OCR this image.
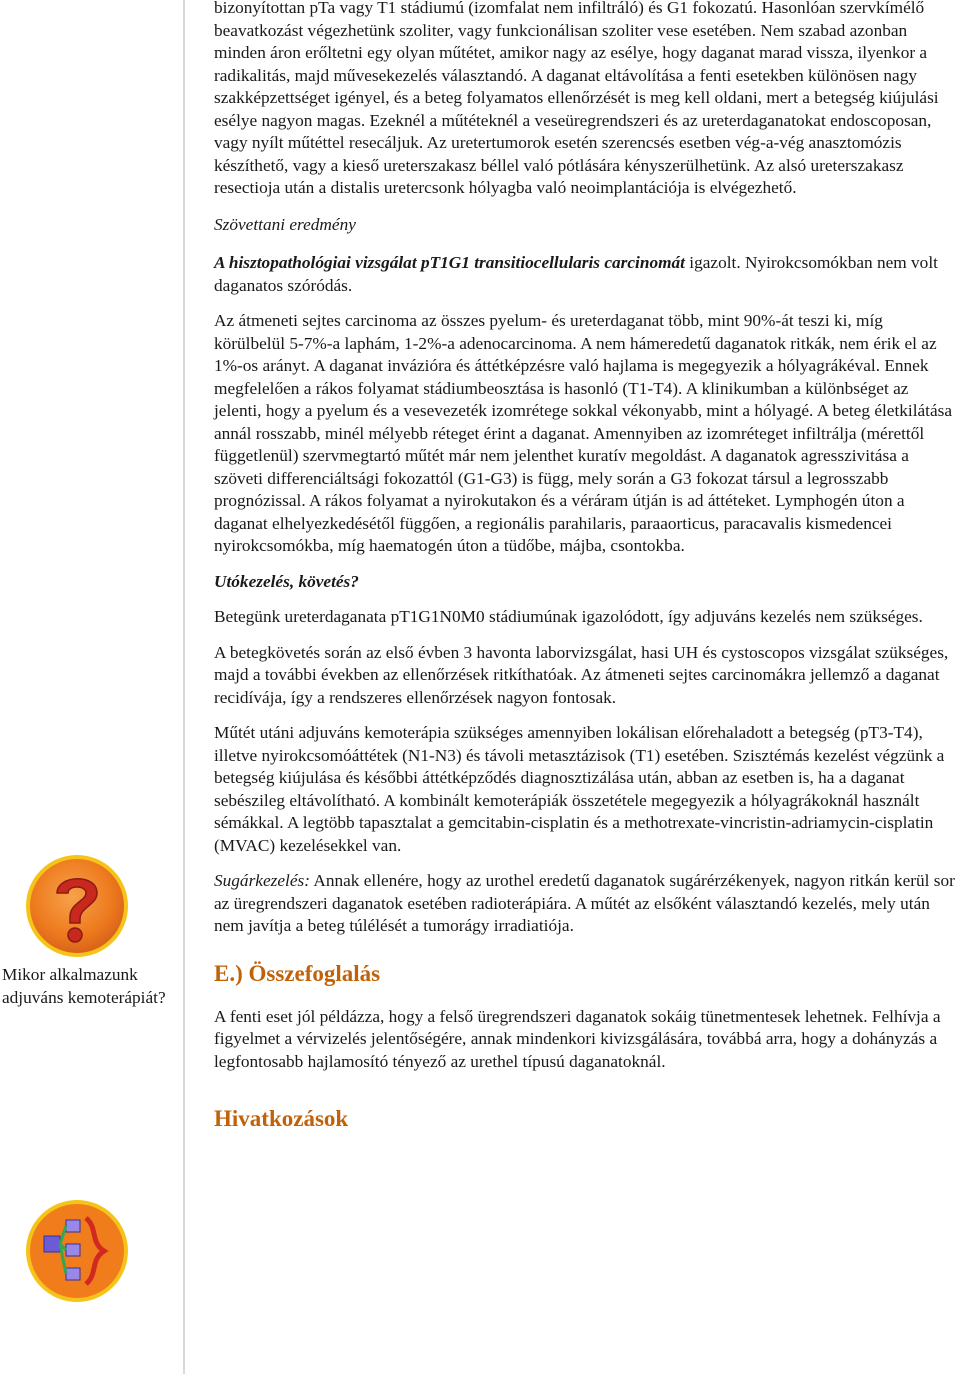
Mikor alkalmazunk adjuváns kemoterápiát?

bizonyítottan pTa vagy T1 stádiumú (izomfalat nem infiltráló) és G1 fokozatú. Hasonlóan szervkímélő beavatkozást végezhetünk szoliter, vagy funkcionálisan szoliter vese esetében. Nem szabad azonban minden áron erőltetni egy olyan műtétet, amikor nagy az esélye, hogy daganat marad vissza, ilyenkor a radikalitás, majd művesekezelés választandó. A daganat eltávolítása a fenti esetekben különösen nagy szakképzettséget igényel, és a beteg folyamatos ellenőrzését is meg kell oldani, mert a betegség kiújulási esélye nagyon magas. Ezeknél a műtéteknél a veseüregrendszeri és az ureterdaganatokat endoscoposan, vagy nyílt műtéttel resecáljuk. Az uretertumorok esetén szerencsés esetben vég-a-vég anasztomózis készíthető, vagy a kieső ureterszakasz béllel való pótlására kényszerülhetünk. Az alsó ureterszakasz resectioja után a distalis uretercsonk hólyagba való neoimplantációja is elvégezhető.

Szövettani eredmény

A hisztopathológiai vizsgálat pT1G1 transitiocellularis carcinomát igazolt. Nyirokcsomókban nem volt daganatos szóródás.

Az átmeneti sejtes carcinoma az összes pyelum- és ureterdaganat több, mint 90%-át teszi ki, míg körülbelül 5-7%-a laphám, 1-2%-a adenocarcinoma. A nem hámeredetű daganatok ritkák, nem érik el az 1%-os arányt. A daganat invázióra és áttétképzésre való hajlama is megegyezik a hólyagrákéval. Ennek megfelelően a rákos folyamat stádiumbeosztása is hasonló (T1-T4). A klinikumban a különbséget az jelenti, hogy a pyelum és a vesevezeték izomrétege sokkal vékonyabb, mint a hólyagé. A beteg életkilátása annál rosszabb, minél mélyebb réteget érint a daganat. Amennyiben az izomréteget infiltrálja (mérettől függetlenül) szervmegtartó műtét már nem jelenthet kuratív megoldást. A daganatok agresszivitása a szöveti differenciáltsági fokozattól (G1-G3) is függ, mely során a G3 fokozat társul a legrosszabb prognózissal. A rákos folyamat a nyirokutakon és a véráram útján is ad áttéteket. Lymphogén úton a daganat elhelyezkedésétől függően, a regionális parahilaris, paraaorticus, paracavalis kismedencei nyirokcsomókba, míg haematogén úton a tüdőbe, májba, csontokba.

Utókezelés, követés?

Betegünk ureterdaganata pT1G1N0M0 stádiumúnak igazolódott, így adjuváns kezelés nem szükséges.

A betegkövetés során az első évben 3 havonta laborvizsgálat, hasi UH és cystoscopos vizsgálat szükséges, majd a további években az ellenőrzések ritkíthatóak. Az átmeneti sejtes carcinomákra jellemző a daganat recidívája, így a rendszeres ellenőrzések nagyon fontosak.

Műtét utáni adjuváns kemoterápia szükséges amennyiben lokálisan előrehaladott a betegség (pT3-T4), illetve nyirokcsomóáttétek (N1-N3) és távoli metasztázisok (T1) esetében. Szisztémás kezelést végzünk a betegség kiújulása és későbbi áttétképződés diagnosztizálása után, abban az esetben is, ha a daganat sebészileg eltávolítható. A kombinált kemoterápiák összetétele megegyezik a hólyagrákoknál használt sémákkal. A legtöbb tapasztalat a gemcitabin-cisplatin és a methotrexate-vincristin-adriamycin-cisplatin (MVAC) kezelésekkel van.

Sugárkezelés: Annak ellenére, hogy az urothel eredetű daganatok sugárérzékenyek, nagyon ritkán kerül sor az üregrendszeri daganatok esetében radioterápiára. A műtét az elsőként választandó kezelés, mely után nem javítja a beteg túlélését a tumorágy irradiatiója.

E.) Összefoglalás

A fenti eset jól példázza, hogy a felső üregrendszeri daganatok sokáig tünetmentesek lehetnek. Felhívja a figyelmet a vérvizelés jelentőségére, annak mindenkori kivizsgálására, továbbá arra, hogy a dohányzás a legfontosabb hajlamosító tényező az urethel típusú daganatoknál.

Hivatkozások
